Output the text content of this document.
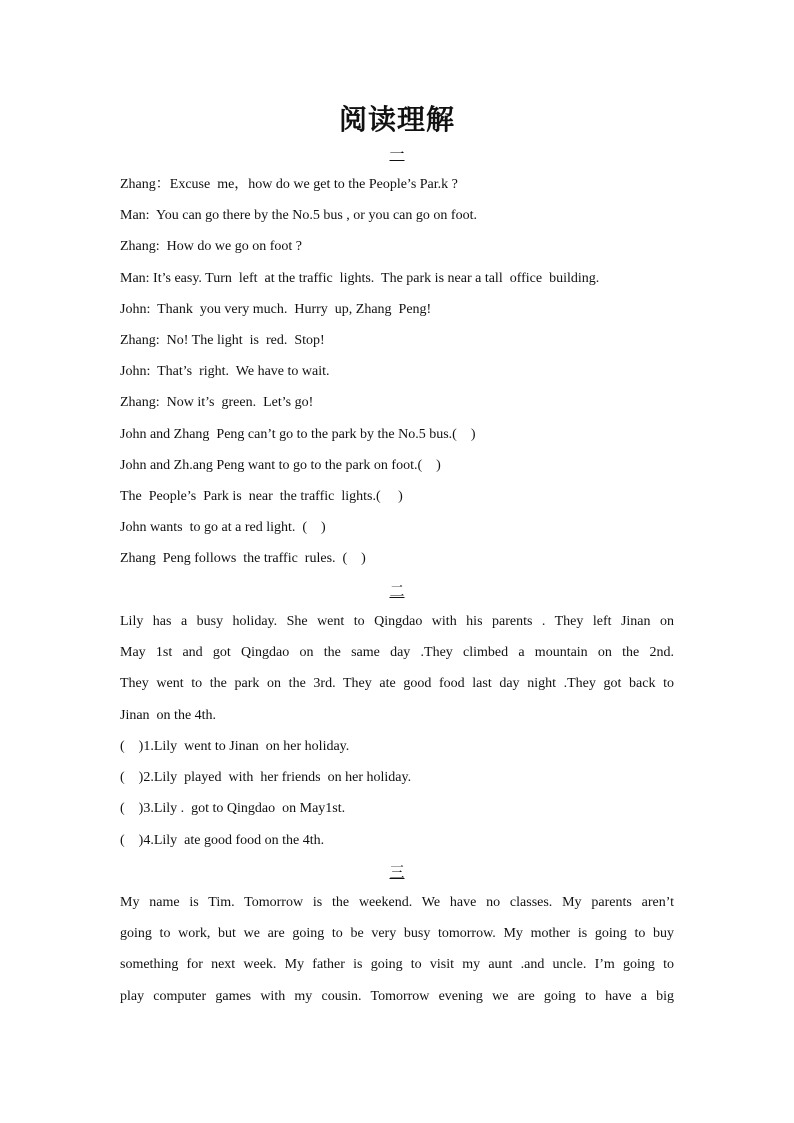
阅读理解
一
Zhang：Excuse  me，how do we get to the People’s Par.k ?
Man:  You can go there by the No.5 bus , or you can go on foot.
Zhang:  How do we go on foot ?
Man: It’s easy. Turn  left  at the traffic  lights.  The park is near a tall  office  building.
John:  Thank  you very much.  Hurry  up, Zhang  Peng!
Zhang:  No! The light  is  red.  Stop!
John:  That’s  right.  We have to wait.
Zhang:  Now it’s  green.  Let’s go!
John and Zhang  Peng can’t go to the park by the No.5 bus.(    )
John and Zh.ang Peng want to go to the park on foot.(    )
The  People’s  Park is  near  the traffic  lights.(     )
John wants  to go at a red light.  (    )
Zhang  Peng follows  the traffic  rules.  (    )
二
Lily has a busy holiday. She went to Qingdao with his parents . They left Jinan on
May 1st and got Qingdao on the same day .They climbed a mountain on the 2nd.
They went to the park on the 3rd. They ate good food last day night .They got back to
Jinan  on the 4th.
(    )1.Lily  went to Jinan  on her holiday.
(    )2.Lily  played  with  her friends  on her holiday.
(    )3.Lily .  got to Qingdao  on May1st.
(    )4.Lily  ate good food on the 4th.
三
My name is Tim. Tomorrow is the weekend. We have no classes. My parents aren’t
going to work, but we are going to be very busy tomorrow. My mother is going to buy
something for next week. My father is going to visit my aunt .and uncle. I’m going to
play computer games with my cousin. Tomorrow evening we are going to have a big
